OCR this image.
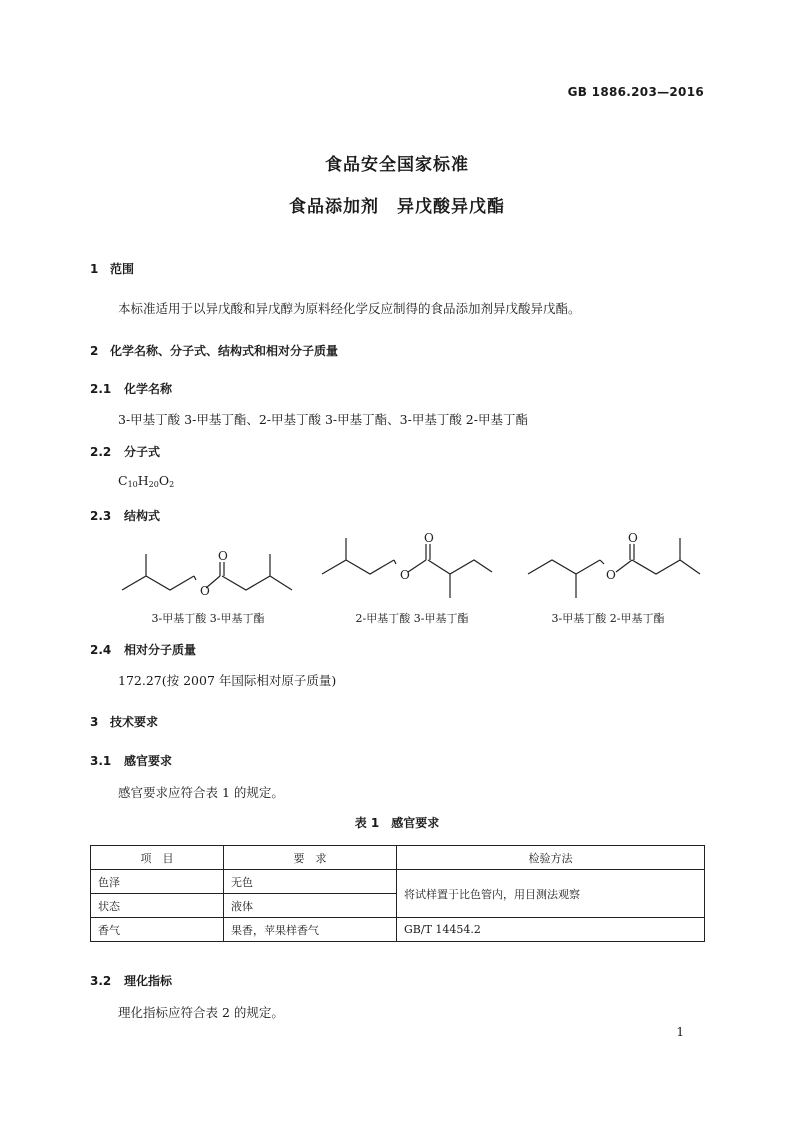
GB 1886.203—2016
食品安全国家标准
食品添加剂　异戊酸异戊酯
1 范围
本标准适用于以异戊酸和异戊醇为原料经化学反应制得的食品添加剂异戊酸异戊酯。
2 化学名称、分子式、结构式和相对分子质量
2.1 化学名称
3-甲基丁酸 3-甲基丁酯、2-甲基丁酸 3-甲基丁酯、3-甲基丁酸 2-甲基丁酯
2.2 分子式
$C_{10}H_{20}O_2$
2.3 结构式
O
O
O
O
O
O
3-甲基丁酸 3-甲基丁酯	2-甲基丁酸 3-甲基丁酯	3-甲基丁酸 2-甲基丁酯
2.4 相对分子质量
172.27(按 2007 年国际相对原子质量)
3 技术要求
3.1 感官要求
感官要求应符合表 1 的规定。
表 1　感官要求
项　目	要　求	检验方法
色泽	无色	将试样置于比色管内，用目测法观察
状态	液体	
香气	果香，苹果样香气	GB/T 14454.2
3.2 理化指标
理化指标应符合表 2 的规定。
1
